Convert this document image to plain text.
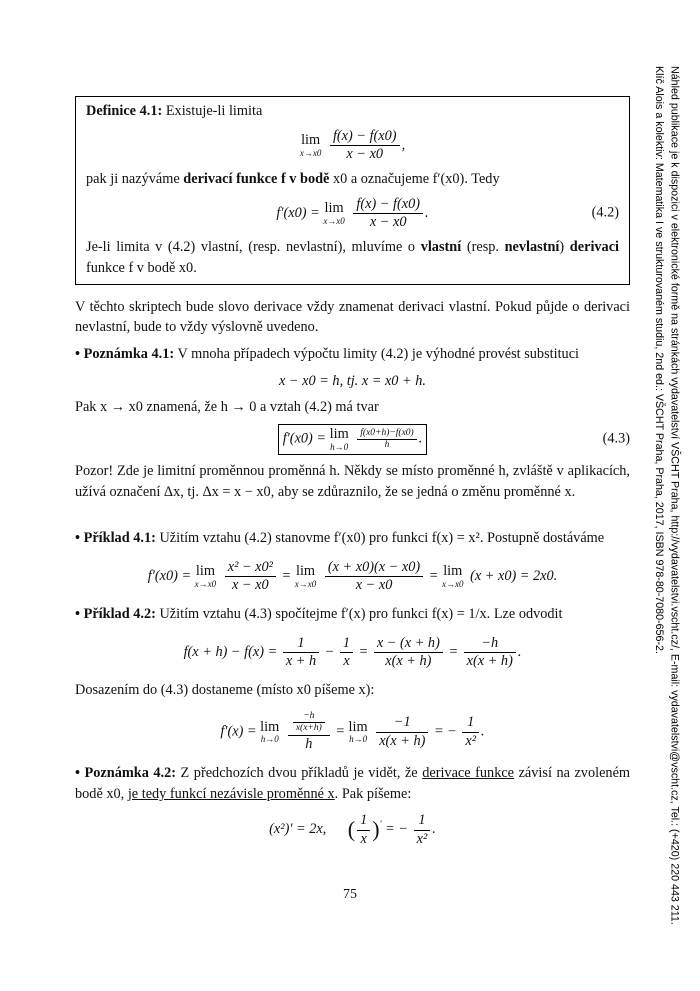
Náhled publikace je k dispozici v elektronické formě na stránkách vydavatelství VŠCHT Praha, http://vydavatelstvi.vscht.cz/, E-mail: vydavatelstvi@vscht.cz, Tel.: (+420) 220 443 211.
Klíč Alois a kolektiv: Matematika I ve strukturovaném studiu, 2nd ed.: VŠCHT Praha, Praha, 2017, ISBN 978-80-7080-656-2.

Definice 4.1: Existuje-li limita

lim
x→x0
$\frac{f(x) - f(x0)}{x - x0}$ ,

pak ji nazýváme derivací funkce f v bodě x0 a označujeme f′(x0). Tedy

f′(x0) = lim
x→x0
$\frac{f(x) - f(x0)}{x - x0}$ .	(4.2)

Je-li limita v (4.2) vlastní, (resp. nevlastní), mluvíme o vlastní (resp. nevlastní) derivaci funkce f v bodě x0.

V těchto skriptech bude slovo derivace vždy znamenat derivaci vlastní. Pokud půjde o derivaci nevlastní, bude to vždy výslovně uvedeno.

• Poznámka 4.1: V mnoha případech výpočtu limity (4.2) je výhodné provést substituci

x − x0 = h, tj. x = x0 + h.

Pak x → x0 znamená, že h → 0 a vztah (4.2) má tvar

f′(x0) = lim
h→0
$\frac{f(x0+h)-f(x0)}{h}$ .	(4.3)

Pozor! Zde je limitní proměnnou proměnná h. Někdy se místo proměnné h, zvláště v aplikacích, užívá označení Δx, tj. Δx = x − x0, aby se zdůraznilo, že se jedná o změnu proměnné x.

• Příklad 4.1: Užitím vztahu (4.2) stanovme f′(x0) pro funkci f(x) = x². Postupně dostáváme

f′(x0) = lim
x→x0
$\frac{\text{x² − x0²}}{x - x0} = \lim$
x→x0
$\frac{(x + x0)(x - x0)}{x - x0} = \lim$
x→x0
(x + x0) = 2x0.

• Příklad 4.2: Užitím vztahu (4.3) spočítejme f′(x) pro funkci f(x) = 1/x. Lze odvodit

$f(x + h) - f(x) = \frac{1}{x + h} - \frac{1}{x} = \frac{x - (x + h)}{x(x + h)} = \frac{-h}{x(x + h)}$ .

Dosazením do (4.3) dostaneme (místo x0 píšeme x):

f′(x) = lim
h→0
$\frac{\frac{-h}{x(x+h)}}{h} = \lim$
h→0
$\frac{-1}{x(x + h)}$ = − $\frac{1}{\text{x²}}$ .

• Poznámka 4.2: Z předchozích dvou příkladů je vidět, že derivace funkce závisí na zvoleném bodě x0, je tedy funkcí nezávisle proměnné x. Pak píšeme:

(x²)′ = 2x, ( $\frac{1}{x} )'$ = − $\frac{1}{\text{x²}}$ .
75
